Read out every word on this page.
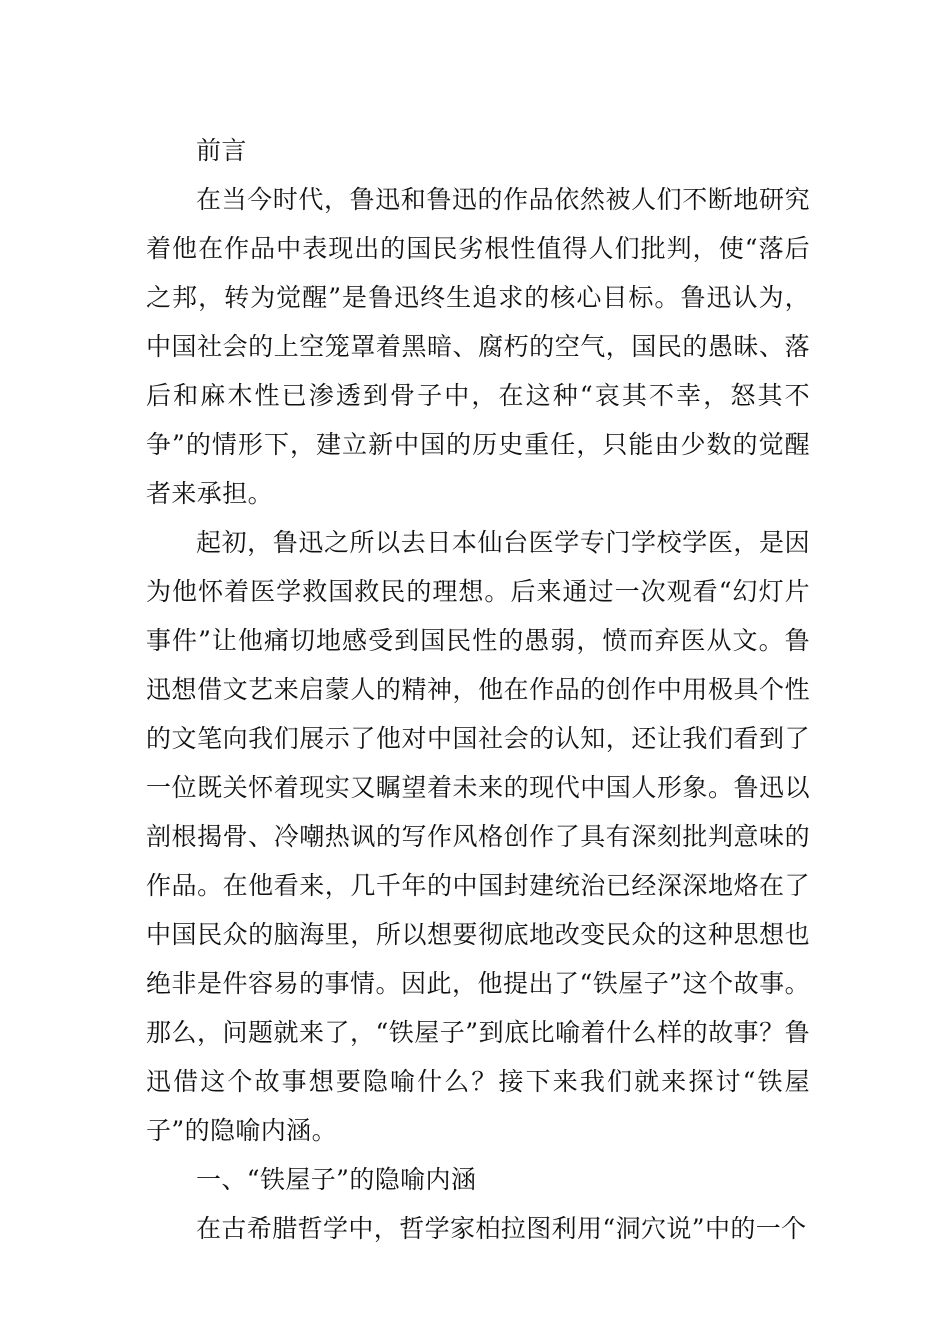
前言

在当今时代，鲁迅和鲁迅的作品依然被人们不断地研究着他在作品中表现出的国民劣根性值得人们批判，使“落后之邦，转为觉醒”是鲁迅终生追求的核心目标。鲁迅认为，中国社会的上空笼罩着黑暗、腐朽的空气，国民的愚昧、落后和麻木性已渗透到骨子中，在这种“哀其不幸，怒其不争”的情形下，建立新中国的历史重任，只能由少数的觉醒者来承担。

起初，鲁迅之所以去日本仙台医学专门学校学医，是因为他怀着医学救国救民的理想。后来通过一次观看“幻灯片事件”让他痛切地感受到国民性的愚弱，愤而弃医从文。鲁迅想借文艺来启蒙人的精神，他在作品的创作中用极具个性的文笔向我们展示了他对中国社会的认知，还让我们看到了一位既关怀着现实又瞩望着未来的现代中国人形象。鲁迅以剖根揭骨、冷嘲热讽的写作风格创作了具有深刻批判意味的作品。在他看来，几千年的中国封建统治已经深深地烙在了中国民众的脑海里，所以想要彻底地改变民众的这种思想也绝非是件容易的事情。因此，他提出了“铁屋子”这个故事。那么，问题就来了，“铁屋子”到底比喻着什么样的故事？鲁迅借这个故事想要隐喻什么？接下来我们就来探讨“铁屋子”的隐喻内涵。

一、“铁屋子”的隐喻内涵

在古希腊哲学中，哲学家柏拉图利用“洞穴说”中的一个
